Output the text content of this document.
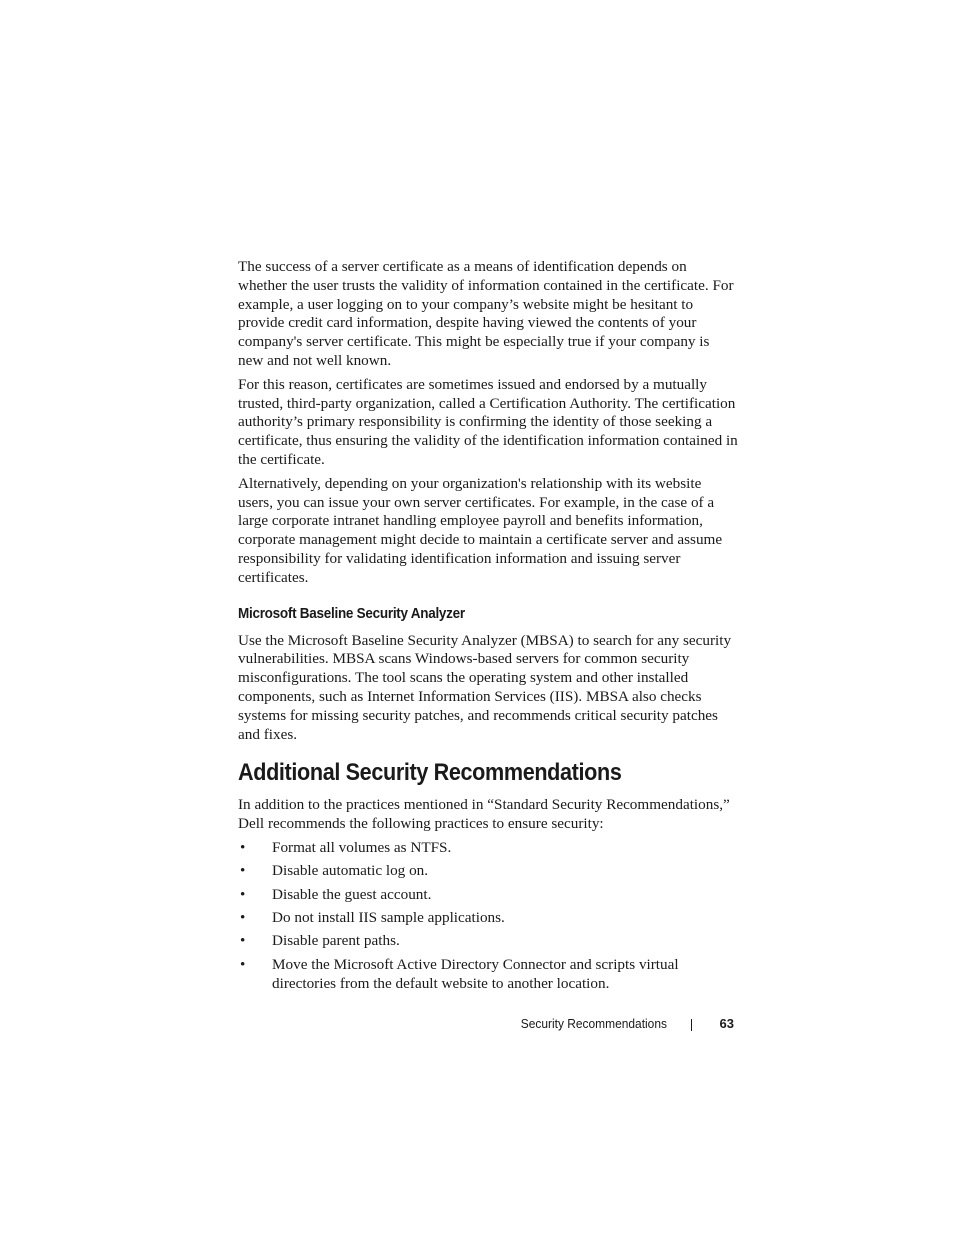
The success of a server certificate as a means of identification depends on whether the user trusts the validity of information contained in the certificate. For example, a user logging on to your company’s website might be hesitant to provide credit card information, despite having viewed the contents of your company's server certificate. This might be especially true if your company is new and not well known.

For this reason, certificates are sometimes issued and endorsed by a mutually trusted, third-party organization, called a Certification Authority. The certification authority’s primary responsibility is confirming the identity of those seeking a certificate, thus ensuring the validity of the identification information contained in the certificate.

Alternatively, depending on your organization's relationship with its website users, you can issue your own server certificates. For example, in the case of a large corporate intranet handling employee payroll and benefits information, corporate management might decide to maintain a certificate server and assume responsibility for validating identification information and issuing server certificates.

Microsoft Baseline Security Analyzer

Use the Microsoft Baseline Security Analyzer (MBSA) to search for any security vulnerabilities. MBSA scans Windows-based servers for common security misconfigurations. The tool scans the operating system and other installed components, such as Internet Information Services (IIS). MBSA also checks systems for missing security patches, and recommends critical security patches and fixes.

Additional Security Recommendations

In addition to the practices mentioned in “Standard Security Recommendations,” Dell recommends the following practices to ensure security:

• Format all volumes as NTFS.
• Disable automatic log on.
• Disable the guest account.
• Do not install IIS sample applications.
• Disable parent paths.
• Move the Microsoft Active Directory Connector and scripts virtual directories from the default website to another location.
Security Recommendations	63
